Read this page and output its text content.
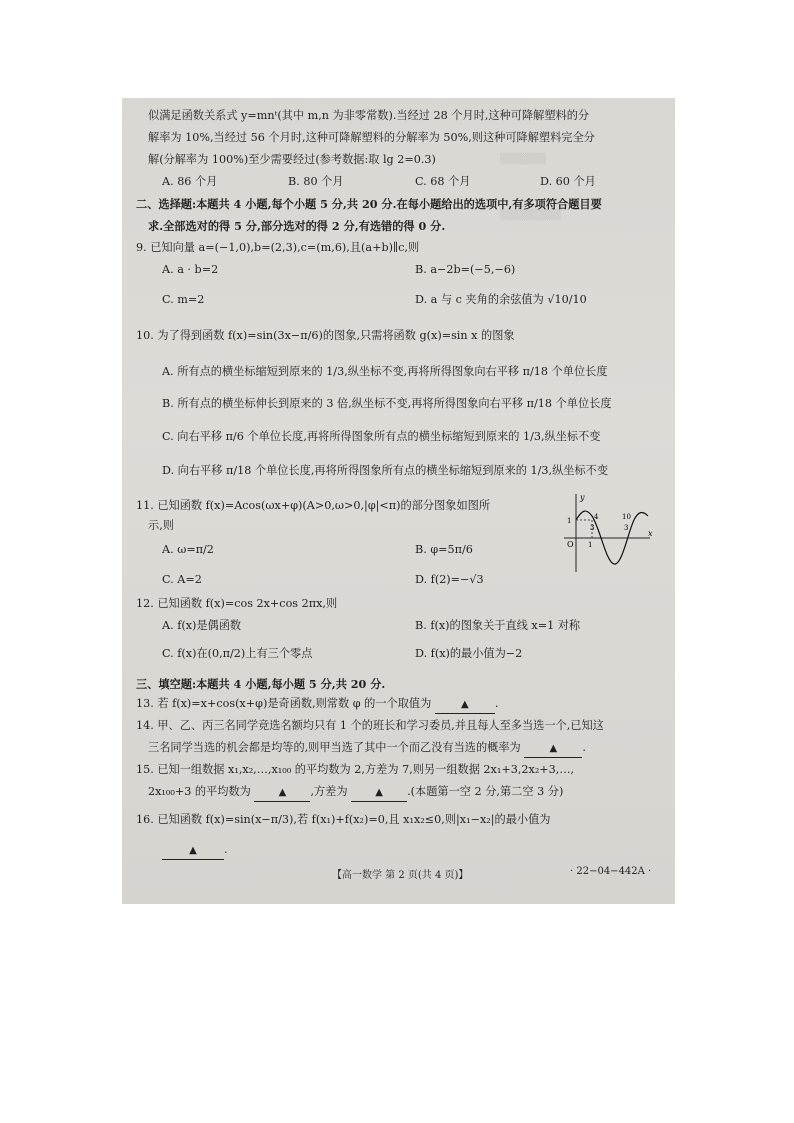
▒▒▒▒▒▒
▒▒▒▒▒▒▒▒
似满足函数关系式 y=mnᵗ(其中 m,n 为非零常数).当经过 28 个月时,这种可降解塑料的分
解率为 10%,当经过 56 个月时,这种可降解塑料的分解率为 50%,则这种可降解塑料完全分
解(分解率为 100%)至少需要经过(参考数据:取 lg 2=0.3)
A. 86 个月	B. 80 个月	C. 68 个月	D. 60 个月
二、选择题:本题共 4 小题,每个小题 5 分,共 20 分.在每小题给出的选项中,有多项符合题目要
求.全部选对的得 5 分,部分选对的得 2 分,有选错的得 0 分.
9. 已知向量 a=(−1,0),b=(2,3),c=(m,6),且(a+b)∥c,则
A. a · b=2	B. a−2b=(−5,−6)
C. m=2	D. a 与 c 夹角的余弦值为 √10/10
10. 为了得到函数 f(x)=sin(3x−π/6)的图象,只需将函数 g(x)=sin x 的图象
A. 所有点的横坐标缩短到原来的 1/3,纵坐标不变,再将所得图象向右平移 π/18 个单位长度
B. 所有点的横坐标伸长到原来的 3 倍,纵坐标不变,再将所得图象向右平移 π/18 个单位长度
C. 向右平移 π/6 个单位长度,再将所得图象所有点的横坐标缩短到原来的 1/3,纵坐标不变
D. 向右平移 π/18 个单位长度,再将所得图象所有点的横坐标缩短到原来的 1/3,纵坐标不变
11. 已知函数 f(x)=Acos(ωx+φ)(A>0,ω>0,|φ|<π)的部分图象如图所
示,则
A. ω=π/2	B. φ=5π/6
C. A=2	D. f(2)=−√3
y
x
O
1	4
3
1
10
3
12. 已知函数 f(x)=cos 2x+cos 2πx,则
A. f(x)是偶函数	B. f(x)的图象关于直线 x=1 对称
C. f(x)在(0,π/2)上有三个零点	D. f(x)的最小值为−2
三、填空题:本题共 4 小题,每小题 5 分,共 20 分.
13. 若 f(x)=x+cos(x+φ)是奇函数,则常数 φ 的一个取值为	▲ .
14. 甲、乙、丙三名同学竞选名额均只有 1 个的班长和学习委员,并且每人至多当选一个,已知这
三名同学当选的机会都是均等的,则甲当选了其中一个而乙没有当选的概率为	▲ .
15. 已知一组数据 x₁,x₂,…,x₁₀₀ 的平均数为 2,方差为 7,则另一组数据 2x₁+3,2x₂+3,…,
2x₁₀₀+3 的平均数为	▲ ,方差为	▲ .(本题第一空 2 分,第二空 3 分)
16. 已知函数 f(x)=sin(x−π/3),若 f(x₁)+f(x₂)=0,且 x₁x₂≤0,则|x₁−x₂|的最小值为
▲ .
【高一数学 第 2 页(共 4 页)】	· 22−04−442A ·
